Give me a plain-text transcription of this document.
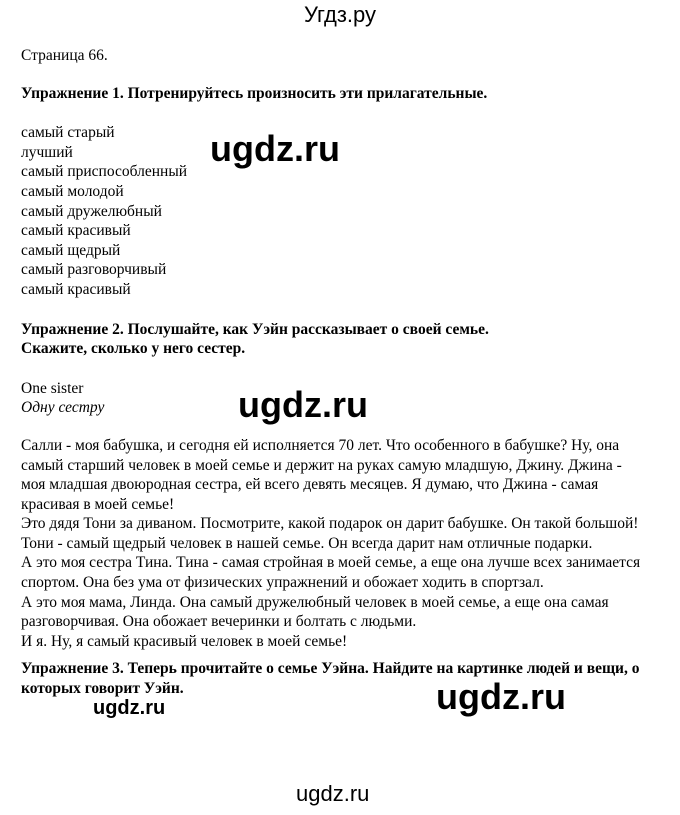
Угдз.ру

Страница 66.

Упражнение 1. Потренируйтесь произносить эти прилагательные.

самый старый
лучший
самый приспособленный
самый молодой
самый дружелюбный
самый красивый
самый щедрый
самый разговорчивый
самый красивый

Упражнение 2. Послушайте, как Уэйн рассказывает о своей семье.
Скажите, сколько у него сестер.

One sister

Одну сестру

Салли - моя бабушка, и сегодня ей исполняется 70 лет. Что особенного в бабушке? Ну, она самый старший человек в моей семье и держит на руках самую младшую, Джину. Джина - моя младшая двоюродная сестра, ей всего девять месяцев. Я думаю, что Джина - самая красивая в моей семье!

Это дядя Тони за диваном. Посмотрите, какой подарок он дарит бабушке. Он такой большой! Тони - самый щедрый человек в нашей семье. Он всегда дарит нам отличные подарки.

А это моя сестра Тина. Тина - самая стройная в моей семье, а еще она лучше всех занимается спортом. Она без ума от физических упражнений и обожает ходить в спортзал.

А это моя мама, Линда. Она самый дружелюбный человек в моей семье, а еще она самая разговорчивая. Она обожает вечеринки и болтать с людьми.

И я. Ну, я самый красивый человек в моей семье!

Упражнение 3. Теперь прочитайте о семье Уэйна. Найдите на картинке людей и вещи, о которых говорит Уэйн.

ugdz.ru
ugdz.ru
ugdz.ru
ugdz.ru
ugdz.ru
